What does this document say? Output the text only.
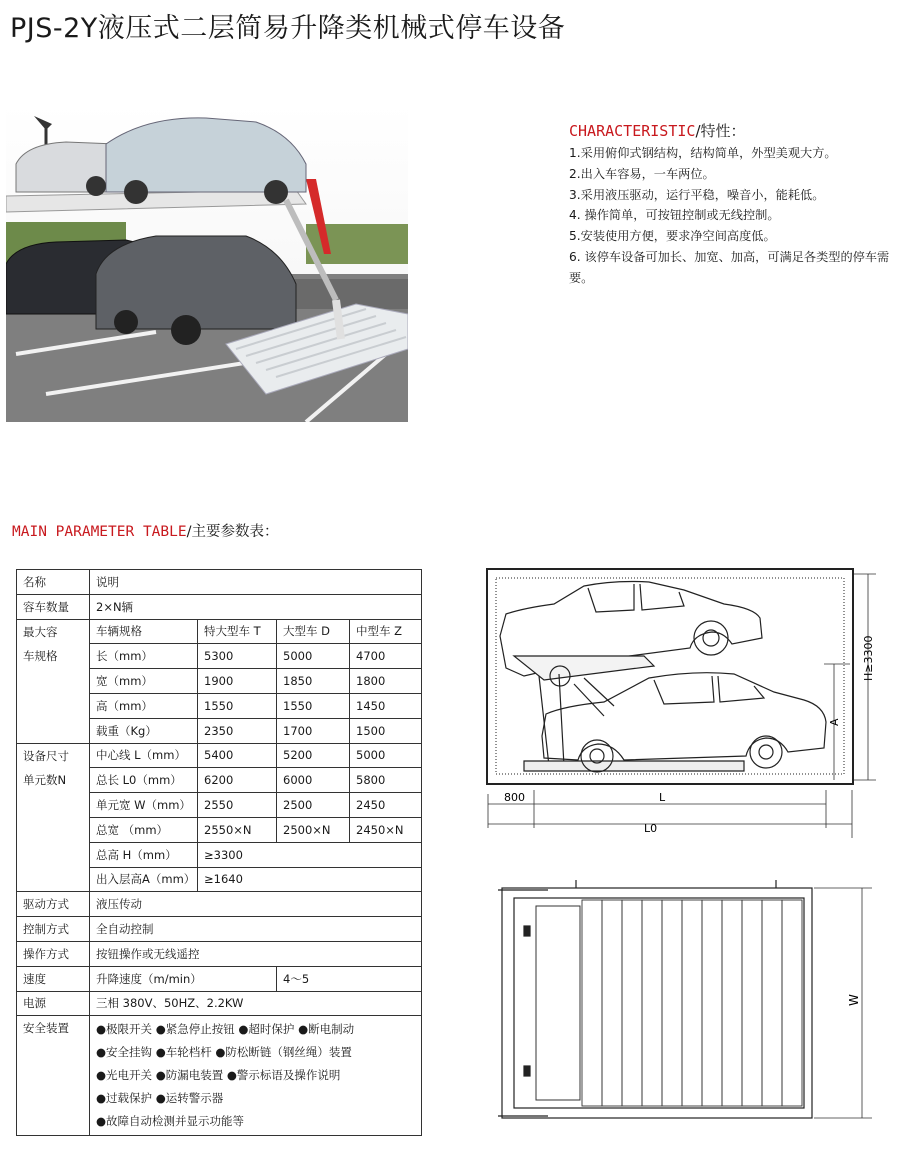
PJS-2Y液压式二层简易升降类机械式停车设备
CHARACTERISTIC/特性：
1.采用俯仰式钢结构，结构简单，外型美观大方。
2.出入车容易，一车两位。
3.采用液压驱动，运行平稳，噪音小，能耗低。
4. 操作简单，可按钮控制或无线控制。
5.安装使用方便，要求净空间高度低。
6. 该停车设备可加长、加宽、加高，可满足各类型的停车需要。
MAIN PARAMETER TABLE/主要参数表：
名称	说明			
容车数量	2×N辆			
最大容	车辆规格	特大型车 T	大型车 D	中型车 Z
车规格	长（mm）	5300	5000	4700
	宽（mm）	1900	1850	1800
	高（mm）	1550	1550	1450
	载重（Kg）	2350	1700	1500
设备尺寸	中心线 L（mm）	5400	5200	5000
单元数N	总长 L0（mm）	6200	6000	5800
	单元宽 W（mm）	2550	2500	2450
	总宽 （mm）	2550×N	2500×N	2450×N
	总高 H（mm）	≥3300		
	出入层高A（mm）	≥1640		
驱动方式	液压传动			
控制方式	全自动控制			
操作方式	按钮操作或无线遥控			
速度	升降速度（m/min）		4～5	
电源	三相 380V、50HZ、2.2KW			
安全装置	●极限开关 ●紧急停止按钮 ●超时保护 ●断电制动
●安全挂钩 ●车轮档杆 ●防松断链（钢丝绳）装置
●光电开关 ●防漏电装置 ●警示标语及操作说明
●过载保护 ●运转警示器
●故障自动检测并显示功能等			
H≥3300
A
800	L
L0
W
